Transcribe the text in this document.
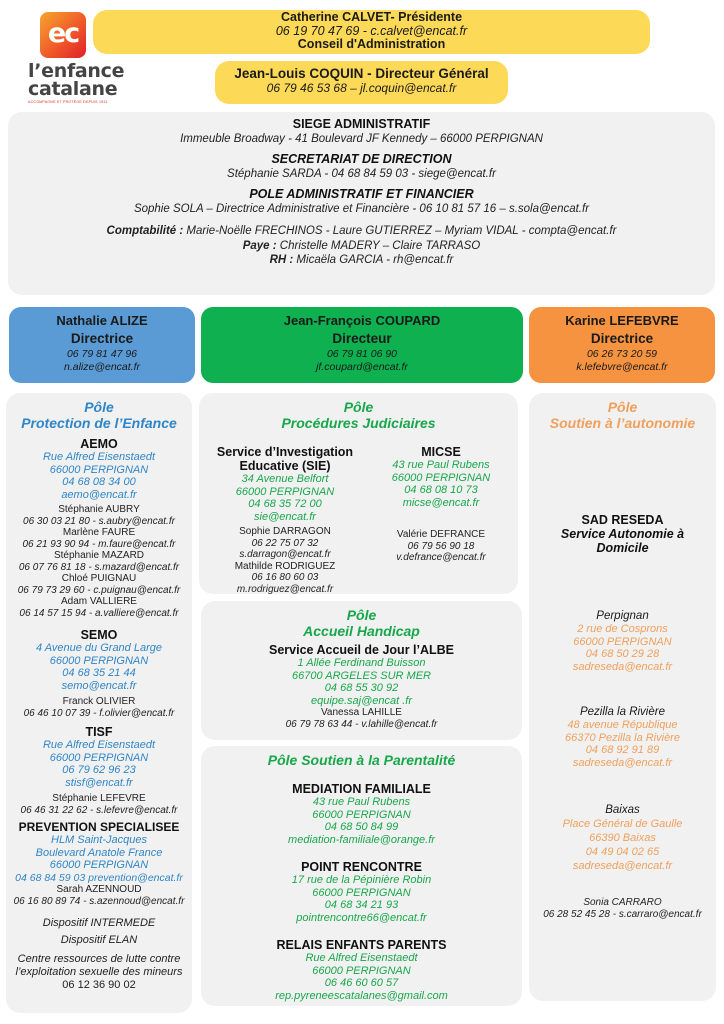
ec
l’enfance
catalane
ACCOMPAGNE ET PROTÈGE DEPUIS 1931
Catherine CALVET- Présidente
06 19 70 47 69 - c.calvet@encat.fr
Conseil d'Administration
Jean-Louis COQUIN - Directeur Général
06 79 46 53 68 – jl.coquin@encat.fr
SIEGE ADMINISTRATIF
Immeuble Broadway - 41 Boulevard JF Kennedy – 66000 PERPIGNAN
SECRETARIAT DE DIRECTION
Stéphanie SARDA - 04 68 84 59 03 - siege@encat.fr
POLE ADMINISTRATIF ET FINANCIER
Sophie SOLA – Directrice Administrative et Financière - 06 10 81 57 16 – s.sola@encat.fr
Comptabilité : Marie-Noëlle FRECHINOS - Laure GUTIERREZ – Myriam VIDAL - compta@encat.fr
Paye : Christelle MADERY – Claire TARRASO
RH : Micaëla GARCIA - rh@encat.fr
Nathalie ALIZE
Directrice
06 79 81 47 96
n.alize@encat.fr
Jean-François COUPARD
Directeur
06 79 81 06 90
jf.coupard@encat.fr
Karine LEFEBVRE
Directrice
06 26 73 20 59
k.lefebvre@encat.fr
Pôle
Protection de l’Enfance
AEMO
Rue Alfred Eisenstaedt
66000 PERPIGNAN
04 68 08 34 00
aemo@encat.fr
Stéphanie AUBRY
06 30 03 21 80 - s.aubry@encat.fr
Marlène FAURE
06 21 93 90 94 - m.faure@encat.fr
Stéphanie MAZARD
06 07 76 81 18 - s.mazard@encat.fr
Chloé PUIGNAU
06 79 73 29 60 - c.puignau@encat.fr
Adam VALLIERE
06 14 57 15 94 - a.valliere@encat.fr
SEMO
4 Avenue du Grand Large
66000 PERPIGNAN
04 68 35 21 44
semo@encat.fr
Franck OLIVIER
06 46 10 07 39 - f.olivier@encat.fr
TISF
Rue Alfred Eisenstaedt
66000 PERPIGNAN
06 79 62 96 23
stisf@encat.fr
Stéphanie LEFEVRE
06 46 31 22 62 - s.lefevre@encat.fr
PREVENTION SPECIALISEE
HLM Saint-Jacques
Boulevard Anatole France
66000 PERPIGNAN
04 68 84 59 03 prevention@encat.fr
Sarah AZENNOUD
06 16 80 89 74 - s.azennoud@encat.fr
Dispositif INTERMEDE
Dispositif ELAN
Centre ressources de lutte contre
l’exploitation sexuelle des mineurs
06 12 36 90 02
Pôle
Procédures Judiciaires
Service d’Investigation
Educative (SIE)
34 Avenue Belfort
66000 PERPIGNAN
04 68 35 72 00
sie@encat.fr
Sophie DARRAGON
06 22 75 07 32
s.darragon@encat.fr
Mathilde RODRIGUEZ
06 16 80 60 03
m.rodriguez@encat.fr
MICSE
43 rue Paul Rubens
66000 PERPIGNAN
04 68 08 10 73
micse@encat.fr
Valérie DEFRANCE
06 79 56 90 18
v.defrance@encat.fr
Pôle
Accueil Handicap
Service Accueil de Jour l’ALBE
1 Allée Ferdinand Buisson
66700 ARGELES SUR MER
04 68 55 30 92
equipe.saj@encat .fr
Vanessa LAHILLE
06 79 78 63 44 - v.lahille@encat.fr
Pôle Soutien à la Parentalité
MEDIATION FAMILIALE
43 rue Paul Rubens
66000 PERPIGNAN
04 68 50 84 99
mediation-familiale@orange.fr
POINT RENCONTRE
17 rue de la Pépinière Robin
66000 PERPIGNAN
04 68 34 21 93
pointrencontre66@encat.fr
RELAIS ENFANTS PARENTS
Rue Alfred Eisenstaedt
66000 PERPIGNAN
06 46 60 60 57
rep.pyreneescatalanes@gmail.com
Pôle
Soutien à l’autonomie
SAD RESEDA
Service Autonomie à
Domicile
Perpignan
2 rue de Cosprons
66000 PERPIGNAN
04 68 50 29 28
sadreseda@encat.fr
Pezilla la Rivière
48 avenue République
66370 Pezilla la Rivière
04 68 92 91 89
sadreseda@encat.fr
Baixas
Place Général de Gaulle
66390 Baixas
04 49 04 02 65
sadreseda@encat.fr
Sonia CARRARO
06 28 52 45 28 - s.carraro@encat.fr
